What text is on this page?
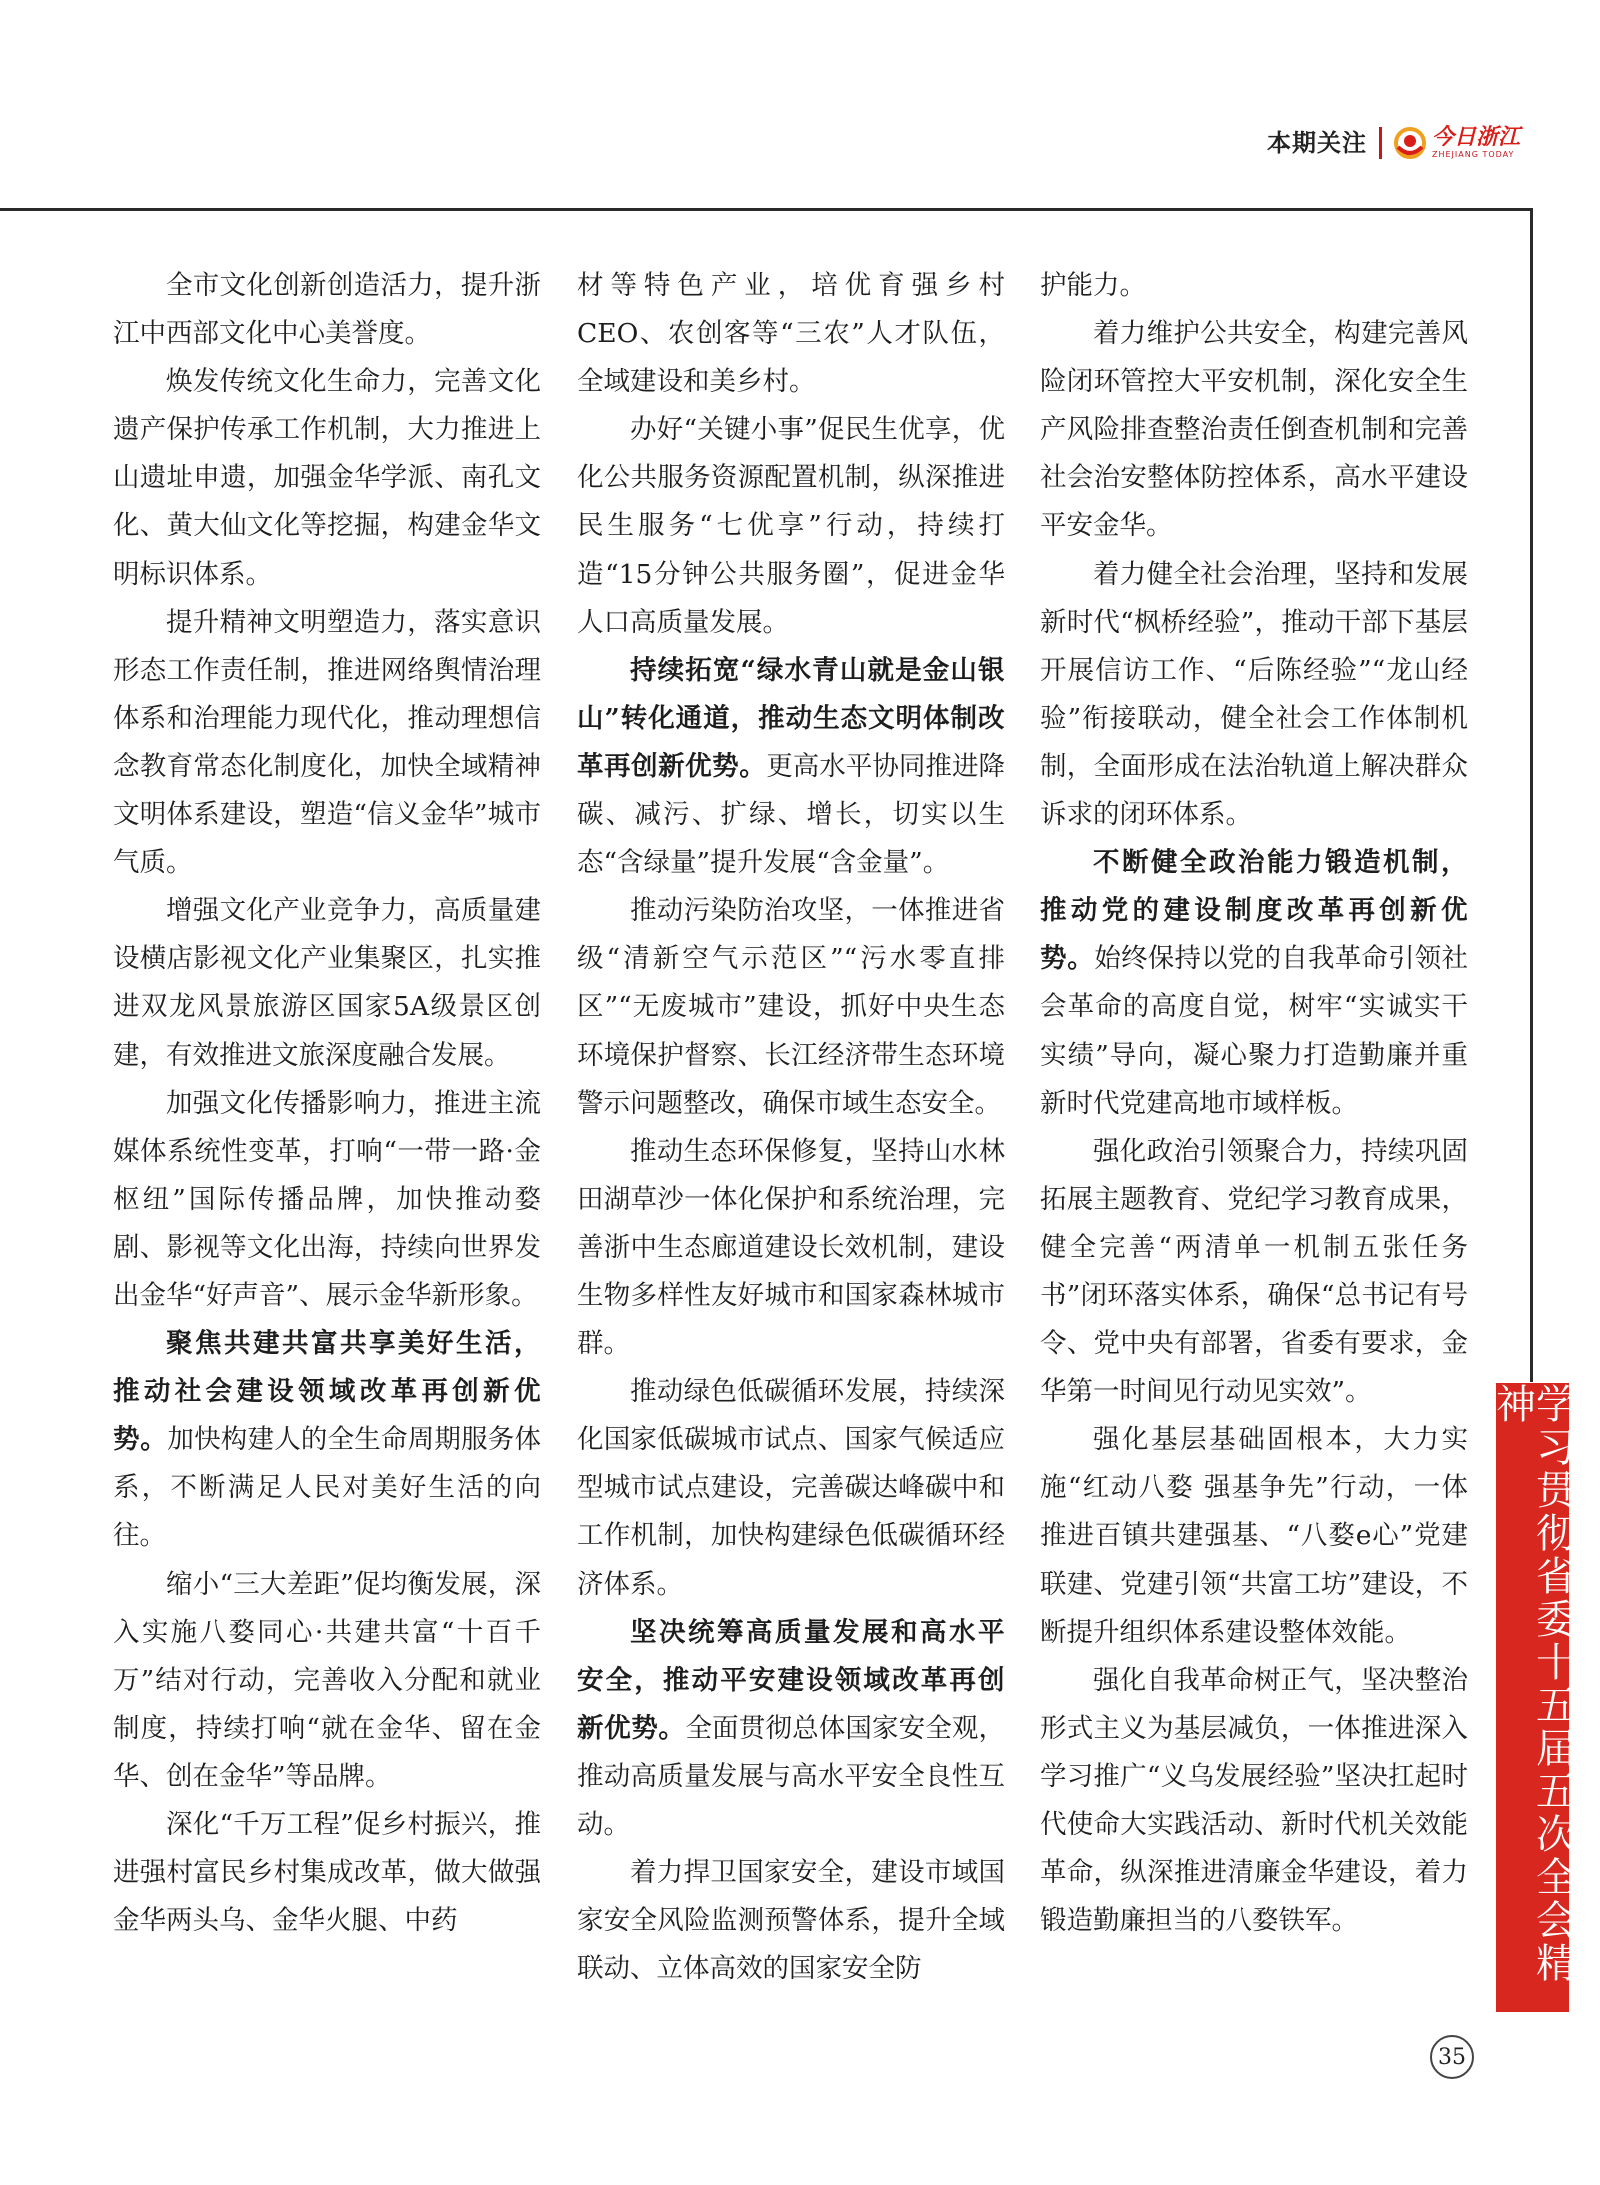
本期关注	今日浙江
ZHEJIANG TODAY

全市文化创新创造活力，提升浙江中西部文化中心美誉度。

焕发传统文化生命力，完善文化遗产保护传承工作机制，大力推进上山遗址申遗，加强金华学派、南孔文化、黄大仙文化等挖掘，构建金华文明标识体系。

提升精神文明塑造力，落实意识形态工作责任制，推进网络舆情治理体系和治理能力现代化，推动理想信念教育常态化制度化，加快全域精神文明体系建设，塑造“信义金华”城市气质。

增强文化产业竞争力，高质量建设横店影视文化产业集聚区，扎实推进双龙风景旅游区国家5A级景区创建，有效推进文旅深度融合发展。

加强文化传播影响力，推进主流媒体系统性变革，打响“一带一路·金枢纽”国际传播品牌，加快推动婺剧、影视等文化出海，持续向世界发出金华“好声音”、展示金华新形象。

聚焦共建共富共享美好生活，推动社会建设领域改革再创新优势。加快构建人的全生命周期服务体系，不断满足人民对美好生活的向往。

缩小“三大差距”促均衡发展，深入实施八婺同心·共建共富“十百千万”结对行动，完善收入分配和就业制度，持续打响“就在金华、留在金华、创在金华”等品牌。

深化“千万工程”促乡村振兴，推进强村富民乡村集成改革，做大做强金华两头乌、金华火腿、中药

材等特色产业，培优育强乡村CEO、农创客等“三农”人才队伍，全域建设和美乡村。

办好“关键小事”促民生优享，优化公共服务资源配置机制，纵深推进民生服务“七优享”行动，持续打造“15分钟公共服务圈”，促进金华人口高质量发展。

持续拓宽“绿水青山就是金山银山”转化通道，推动生态文明体制改革再创新优势。更高水平协同推进降碳、减污、扩绿、增长，切实以生态“含绿量”提升发展“含金量”。

推动污染防治攻坚，一体推进省级“清新空气示范区”“污水零直排区”“无废城市”建设，抓好中央生态环境保护督察、长江经济带生态环境警示问题整改，确保市域生态安全。

推动生态环保修复，坚持山水林田湖草沙一体化保护和系统治理，完善浙中生态廊道建设长效机制，建设生物多样性友好城市和国家森林城市群。

推动绿色低碳循环发展，持续深化国家低碳城市试点、国家气候适应型城市试点建设，完善碳达峰碳中和工作机制，加快构建绿色低碳循环经济体系。

坚决统筹高质量发展和高水平安全，推动平安建设领域改革再创新优势。全面贯彻总体国家安全观，推动高质量发展与高水平安全良性互动。

着力捍卫国家安全，建设市域国家安全风险监测预警体系，提升全域联动、立体高效的国家安全防

护能力。

着力维护公共安全，构建完善风险闭环管控大平安机制，深化安全生产风险排查整治责任倒查机制和完善社会治安整体防控体系，高水平建设平安金华。

着力健全社会治理，坚持和发展新时代“枫桥经验”，推动干部下基层开展信访工作、“后陈经验”“龙山经验”衔接联动，健全社会工作体制机制，全面形成在法治轨道上解决群众诉求的闭环体系。

不断健全政治能力锻造机制，推动党的建设制度改革再创新优势。始终保持以党的自我革命引领社会革命的高度自觉，树牢“实诚实干实绩”导向，凝心聚力打造勤廉并重新时代党建高地市域样板。

强化政治引领聚合力，持续巩固拓展主题教育、党纪学习教育成果，健全完善“两清单一机制五张任务书”闭环落实体系，确保“总书记有号令、党中央有部署，省委有要求，金华第一时间见行动见实效”。

强化基层基础固根本，大力实施“红动八婺 强基争先”行动，一体推进百镇共建强基、“八婺e心”党建联建、党建引领“共富工坊”建设，不断提升组织体系建设整体效能。

强化自我革命树正气，坚决整治形式主义为基层减负，一体推进深入学习推广“义乌发展经验”坚决扛起时代使命大实践活动、新时代机关效能革命，纵深推进清廉金华建设，着力锻造勤廉担当的八婺铁军。	学习贯彻省委十五届五次全会精神
35
